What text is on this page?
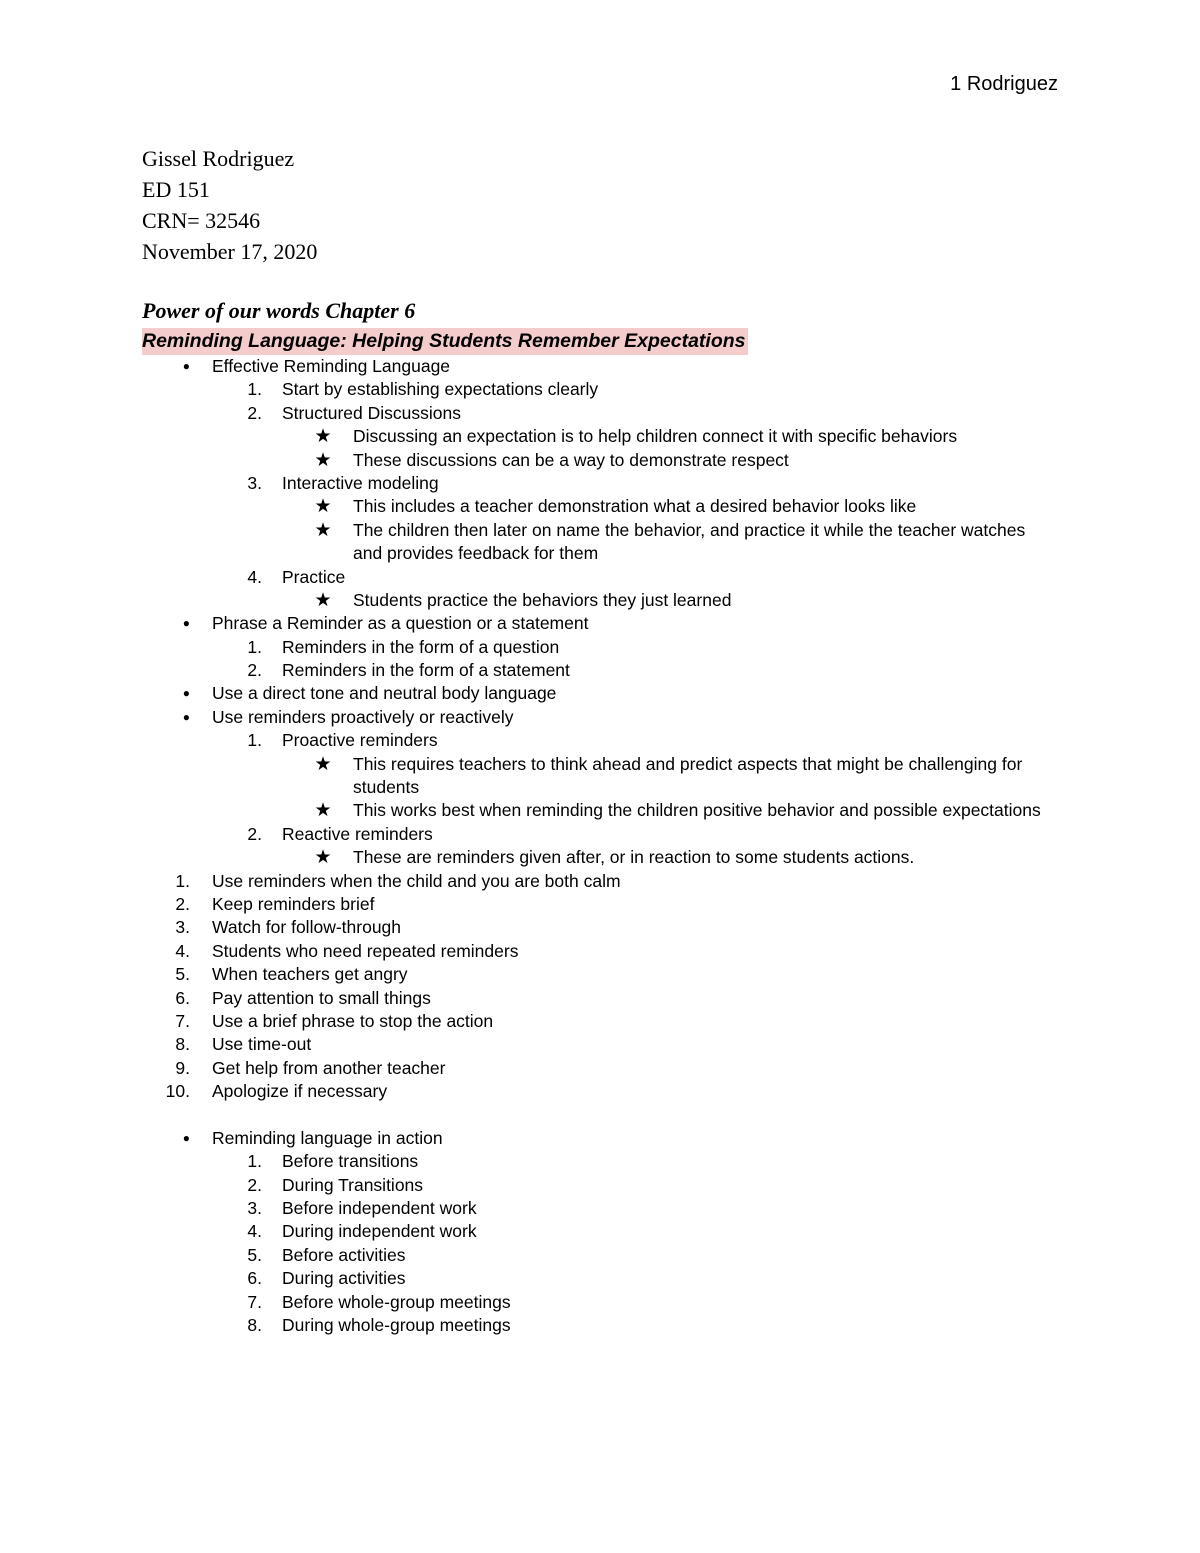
1 Rodriguez
Gissel Rodriguez
ED 151
CRN= 32546
November 17, 2020
Power of our words Chapter 6
Reminding Language: Helping Students Remember Expectations
● Effective Reminding Language
1. Start by establishing expectations clearly
2. Structured Discussions
★ Discussing an expectation is to help children connect it with specific behaviors
★ These discussions can be a way to demonstrate respect
3. Interactive modeling
★ This includes a teacher demonstration what a desired behavior looks like
★ The children then later on name the behavior, and practice it while the teacher watches and provides feedback for them
4. Practice
★ Students practice the behaviors they just learned
● Phrase a Reminder as a question or a statement
1. Reminders in the form of a question
2. Reminders in the form of a statement
● Use a direct tone and neutral body language
● Use reminders proactively or reactively
1. Proactive reminders
★ This requires teachers to think ahead and predict aspects that might be challenging for students
★ This works best when reminding the children positive behavior and possible expectations
2. Reactive reminders
★ These are reminders given after, or in reaction to some students actions.
1. Use reminders when the child and you are both calm
2. Keep reminders brief
3. Watch for follow-through
4. Students who need repeated reminders
5. When teachers get angry
6. Pay attention to small things
7. Use a brief phrase to stop the action
8. Use time-out
9. Get help from another teacher
10. Apologize if necessary
● Reminding language in action
1. Before transitions
2. During Transitions
3. Before independent work
4. During independent work
5. Before activities
6. During activities
7. Before whole-group meetings
8. During whole-group meetings
